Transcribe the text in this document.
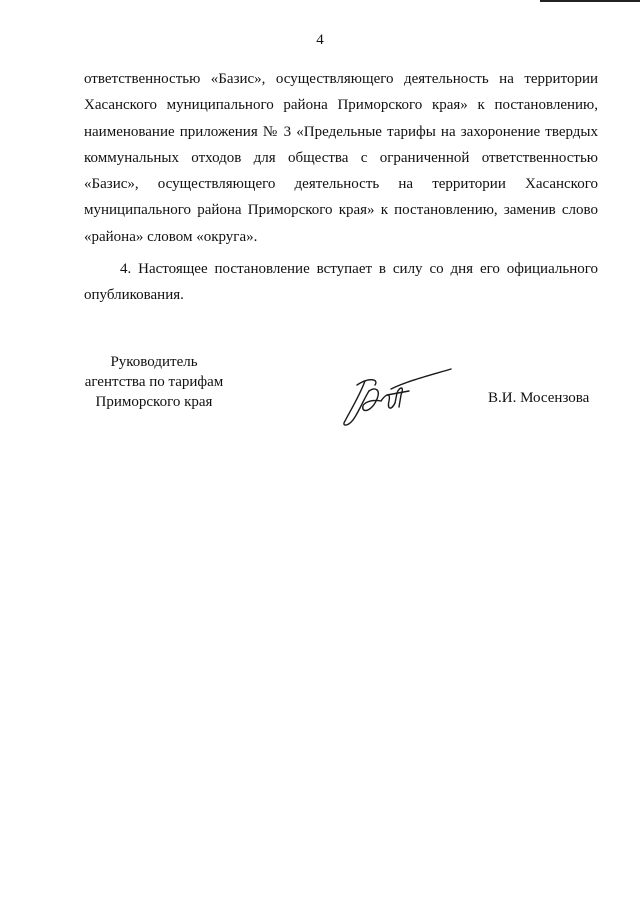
4
ответственностью «Базис», осуществляющего деятельность на территории
Хасанского муниципального района Приморского края» к постановлению,
наименование приложения № 3 «Предельные тарифы на захоронение твердых
коммунальных отходов для общества с ограниченной ответственностью
«Базис», осуществляющего деятельность на территории Хасанского
муниципального района Приморского края» к постановлению, заменив слово
«района» словом «округа».
4. Настоящее постановление вступает в силу со дня его официального
опубликования.
Руководитель
агентства по тарифам
Приморского края	В.И. Мосензова
